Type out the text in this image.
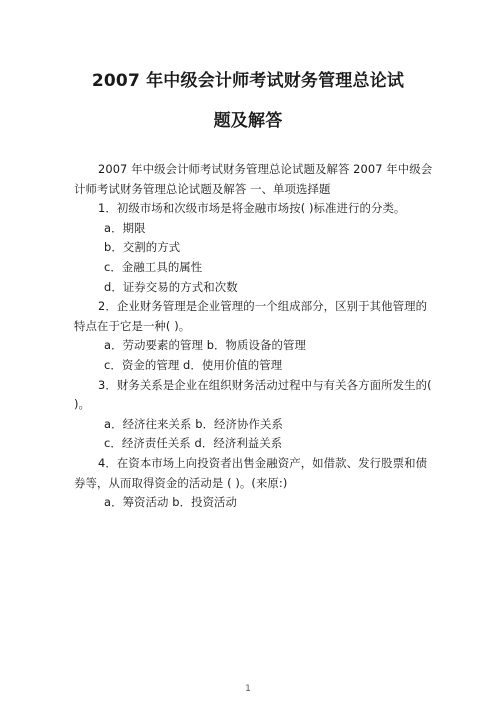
2007 年中级会计师考试财务管理总论试
题及解答

2007 年中级会计师考试财务管理总论试题及解答 2007 年中级会计师考试财务管理总论试题及解答 一、单项选择题

1．初级市场和次级市场是将金融市场按( )标准进行的分类。

a．期限

b．交割的方式

c．金融工具的属性

d．证券交易的方式和次数

2．企业财务管理是企业管理的一个组成部分，区别于其他管理的特点在于它是一种( )。

a．劳动要素的管理 b．物质设备的管理

c．资金的管理 d．使用价值的管理

3．财务关系是企业在组织财务活动过程中与有关各方面所发生的( )。

a．经济往来关系 b．经济协作关系

c．经济责任关系 d．经济利益关系

4．在资本市场上向投资者出售金融资产，如借款、发行股票和债券等，从而取得资金的活动是 ( )。(来原:)

a．筹资活动 b．投资活动

1
